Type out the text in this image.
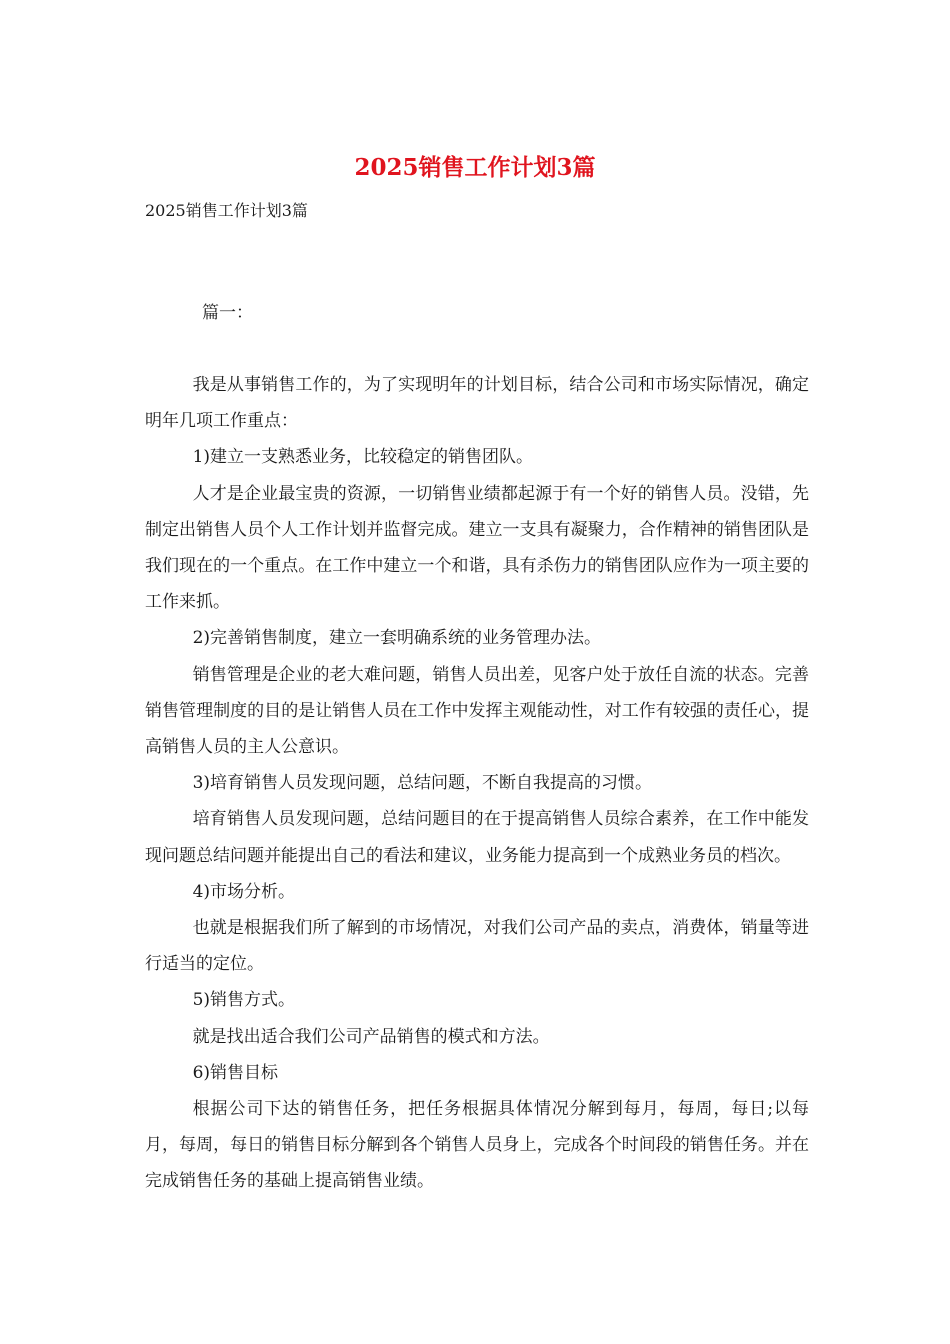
2025销售工作计划3篇

2025销售工作计划3篇

篇一：

我是从事销售工作的，为了实现明年的计划目标，结合公司和市场实际情况，确定明年几项工作重点：

1)建立一支熟悉业务，比较稳定的销售团队。

人才是企业最宝贵的资源，一切销售业绩都起源于有一个好的销售人员。没错，先制定出销售人员个人工作计划并监督完成。建立一支具有凝聚力，合作精神的销售团队是我们现在的一个重点。在工作中建立一个和谐，具有杀伤力的销售团队应作为一项主要的工作来抓。

2)完善销售制度，建立一套明确系统的业务管理办法。

销售管理是企业的老大难问题，销售人员出差，见客户处于放任自流的状态。完善销售管理制度的目的是让销售人员在工作中发挥主观能动性，对工作有较强的责任心，提高销售人员的主人公意识。

3)培育销售人员发现问题，总结问题，不断自我提高的习惯。

培育销售人员发现问题，总结问题目的在于提高销售人员综合素养，在工作中能发现问题总结问题并能提出自己的看法和建议，业务能力提高到一个成熟业务员的档次。

4)市场分析。

也就是根据我们所了解到的市场情况，对我们公司产品的卖点，消费体，销量等进行适当的定位。

5)销售方式。

就是找出适合我们公司产品销售的模式和方法。

6)销售目标

根据公司下达的销售任务，把任务根据具体情况分解到每月，每周，每日;以每月，每周，每日的销售目标分解到各个销售人员身上，完成各个时间段的销售任务。并在完成销售任务的基础上提高销售业绩。
